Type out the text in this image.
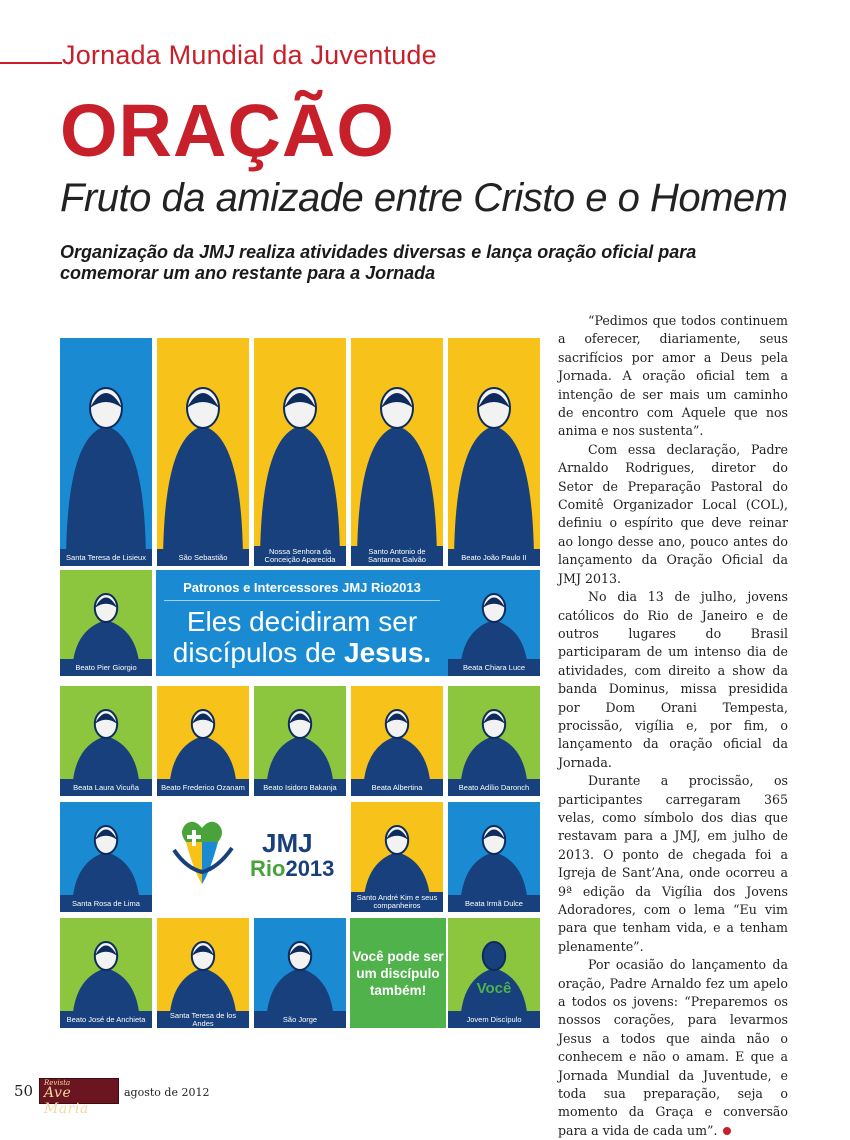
Jornada Mundial da Juventude
ORAÇÃO
Fruto da amizade entre Cristo e o Homem
Organização da JMJ realiza atividades diversas e lança oração oficial para comemorar um ano restante para a Jornada
Patronos e Intercessores JMJ Rio2013
Eles decidiram ser
discípulos de Jesus.
JMJ
Rio2013
Você pode ser um discípulo também!
Santa Teresa de Lisieux	São Sebastião
Nossa Senhora da Conceição Aparecida
Santo Antonio de Santanna Galvão	Beato João Paulo II
Beato Pier Giorgio	Beata Chiara Luce
Beata Laura Vicuña	Beato Frederico Ozanam	Beato Isidoro Bakanja	Beata Albertina	Beato Adílio Daronch
Santa Rosa de Lima
Santo André Kim e seus companheiros	Beata Irmã Dulce
Beato José de Anchieta	Santa Teresa de los Andes	São Jorge
Você
Jovem Discípulo

“Pedimos que todos continuem a oferecer, diariamente, seus sacrifícios por amor a Deus pela Jornada. A oração oficial tem a intenção de ser mais um caminho de encontro com Aquele que nos anima e nos sustenta”.

Com essa declaração, Padre Arnaldo Rodrigues, diretor do Setor de Preparação Pastoral do Comitê Organizador Local (COL), definiu o espírito que deve reinar ao longo desse ano, pouco antes do lançamento da Oração Oficial da JMJ 2013.

No dia 13 de julho, jovens católicos do Rio de Janeiro e de outros lugares do Brasil participaram de um intenso dia de atividades, com direito a show da banda Dominus, missa presidida por Dom Orani Tempesta, procissão, vigília e, por fim, o lançamento da oração oficial da Jornada.

Durante a procissão, os participantes carregaram 365 velas, como símbolo dos dias que restavam para a JMJ, em julho de 2013. O ponto de chegada foi a Igreja de Sant’Ana, onde ocorreu a 9ª edição da Vigília dos Jovens Adoradores, com o lema “Eu vim para que tenham vida, e a tenham plenamente”.

Por ocasião do lançamento da oração, Padre Arnaldo fez um apelo a todos os jovens: “Preparemos os nossos corações, para levarmos Jesus a todos que ainda não o conhecem e não o amam. E que a Jornada Mundial da Juventude, e toda sua preparação, seja o momento da Graça e conversão para a vida de cada um”.

50 Revista
Ave Maria
agosto de 2012
